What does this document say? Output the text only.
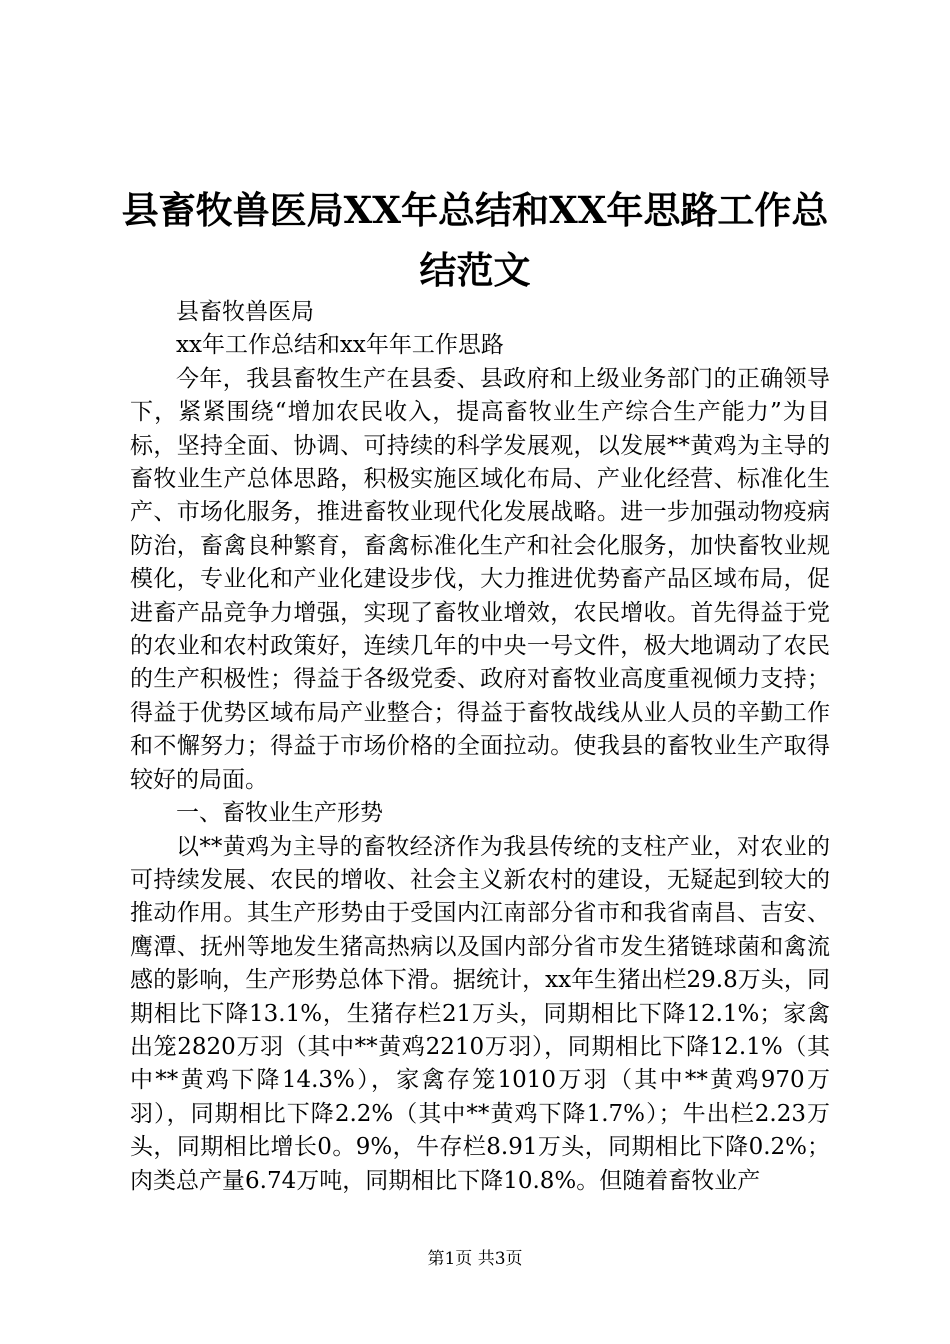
县畜牧兽医局XX年总结和XX年思路工作总结范文

县畜牧兽医局

xx年工作总结和xx年年工作思路

今年，我县畜牧生产在县委、县政府和上级业务部门的正确领导下，紧紧围绕“增加农民收入，提高畜牧业生产综合生产能力”为目标，坚持全面、协调、可持续的科学发展观，以发展**黄鸡为主导的畜牧业生产总体思路，积极实施区域化布局、产业化经营、标准化生产、市场化服务，推进畜牧业现代化发展战略。进一步加强动物疫病防治，畜禽良种繁育，畜禽标准化生产和社会化服务，加快畜牧业规模化，专业化和产业化建设步伐，大力推进优势畜产品区域布局，促进畜产品竞争力增强，实现了畜牧业增效，农民增收。首先得益于党的农业和农村政策好，连续几年的中央一号文件，极大地调动了农民的生产积极性；得益于各级党委、政府对畜牧业高度重视倾力支持；得益于优势区域布局产业整合；得益于畜牧战线从业人员的辛勤工作和不懈努力；得益于市场价格的全面拉动。使我县的畜牧业生产取得较好的局面。

一、畜牧业生产形势

以**黄鸡为主导的畜牧经济作为我县传统的支柱产业，对农业的可持续发展、农民的增收、社会主义新农村的建设，无疑起到较大的推动作用。其生产形势由于受国内江南部分省市和我省南昌、吉安、鹰潭、抚州等地发生猪高热病以及国内部分省市发生猪链球菌和禽流感的影响，生产形势总体下滑。据统计，xx年生猪出栏29.8万头，同期相比下降13.1%，生猪存栏21万头，同期相比下降12.1%；家禽出笼2820万羽（其中**黄鸡2210万羽），同期相比下降12.1%（其中**黄鸡下降14.3%），家禽存笼1010万羽（其中**黄鸡970万羽），同期相比下降2.2%（其中**黄鸡下降1.7%）；牛出栏2.23万头，同期相比增长0。9%，牛存栏8.91万头，同期相比下降0.2%；肉类总产量6.74万吨，同期相比下降10.8%。但随着畜牧业产

第1页 共3页
